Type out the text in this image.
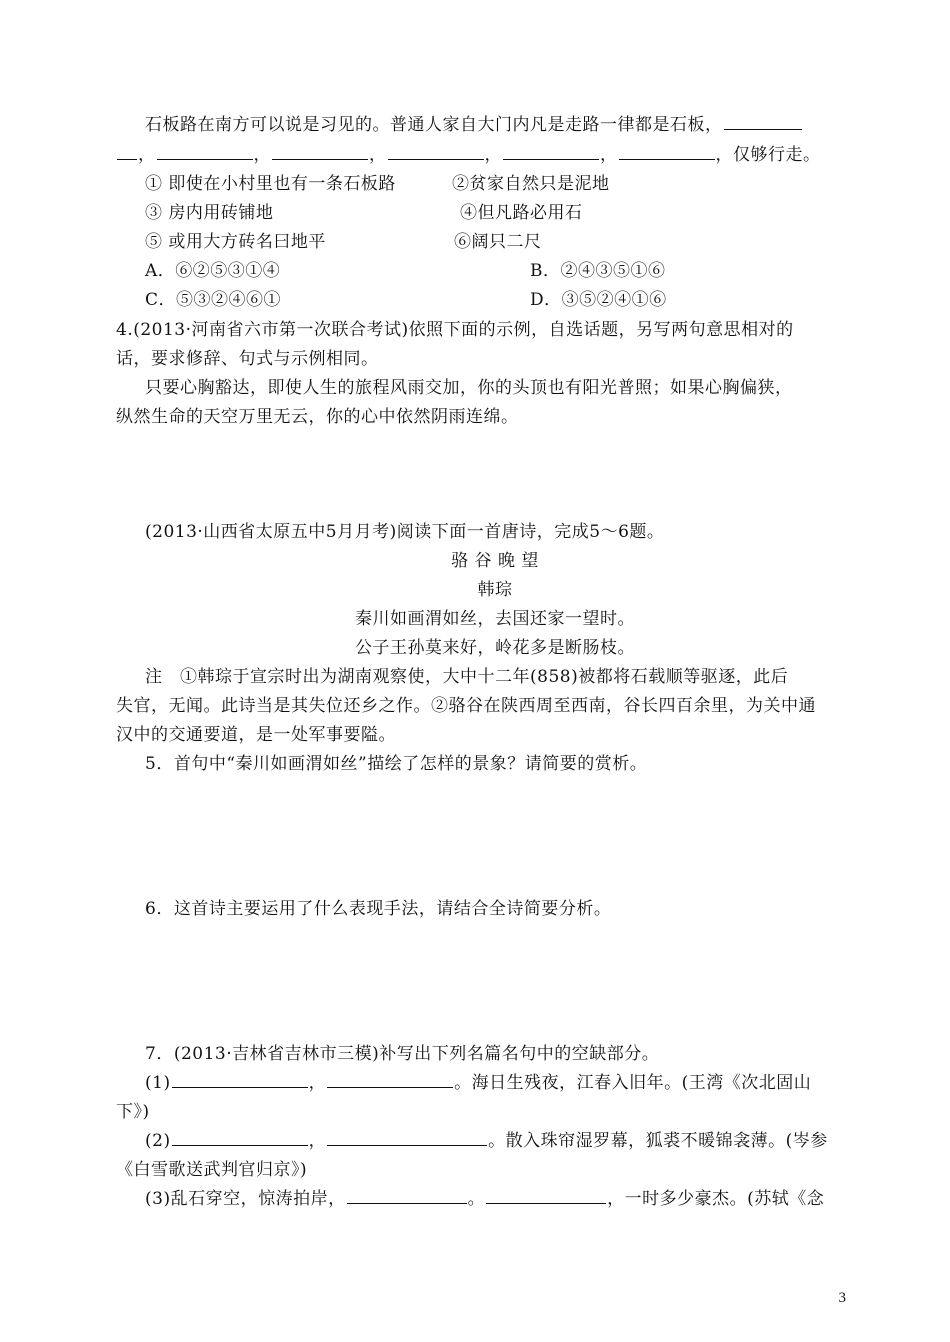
石板路在南方可以说是习见的。普通人家自大门内凡是走路一律都是石板，
，	，	，	，	，	，仅够行走。
① 即使在小村里也有一条石板路	②贫家自然只是泥地
③ 房内用砖铺地	④但凡路必用石
⑤ 或用大方砖名曰地平	⑥阔只二尺
A．⑥②⑤③①④	B．②④③⑤①⑥
C．⑤③②④⑥①	D．③⑤②④①⑥
4.(2013·河南省六市第一次联合考试)依照下面的示例，自选话题，另写两句意思相对的
话，要求修辞、句式与示例相同。
只要心胸豁达，即使人生的旅程风雨交加，你的头顶也有阳光普照；如果心胸偏狭，
纵然生命的天空万里无云，你的心中依然阴雨连绵。
(2013·山西省太原五中5月月考)阅读下面一首唐诗，完成5～6题。
骆 谷 晚 望
韩琮
秦川如画渭如丝，去国还家一望时。
公子王孙莫来好，岭花多是断肠枝。
注　①韩琮于宣宗时出为湖南观察使，大中十二年(858)被都将石载顺等驱逐，此后
失官，无闻。此诗当是其失位还乡之作。②骆谷在陕西周至西南，谷长四百余里，为关中通
汉中的交通要道，是一处军事要隘。
5．首句中“秦川如画渭如丝”描绘了怎样的景象？请简要的赏析。
6．这首诗主要运用了什么表现手法，请结合全诗简要分析。
7．(2013·吉林省吉林市三模)补写出下列名篇名句中的空缺部分。
(1)	，	。海日生残夜，江春入旧年。(王湾《次北固山
下》)
(2)	，	。散入珠帘湿罗幕，狐裘不暖锦衾薄。(岑参
《白雪歌送武判官归京》)
(3)乱石穿空，惊涛拍岸，	。	，一时多少豪杰。(苏轼《念
3
